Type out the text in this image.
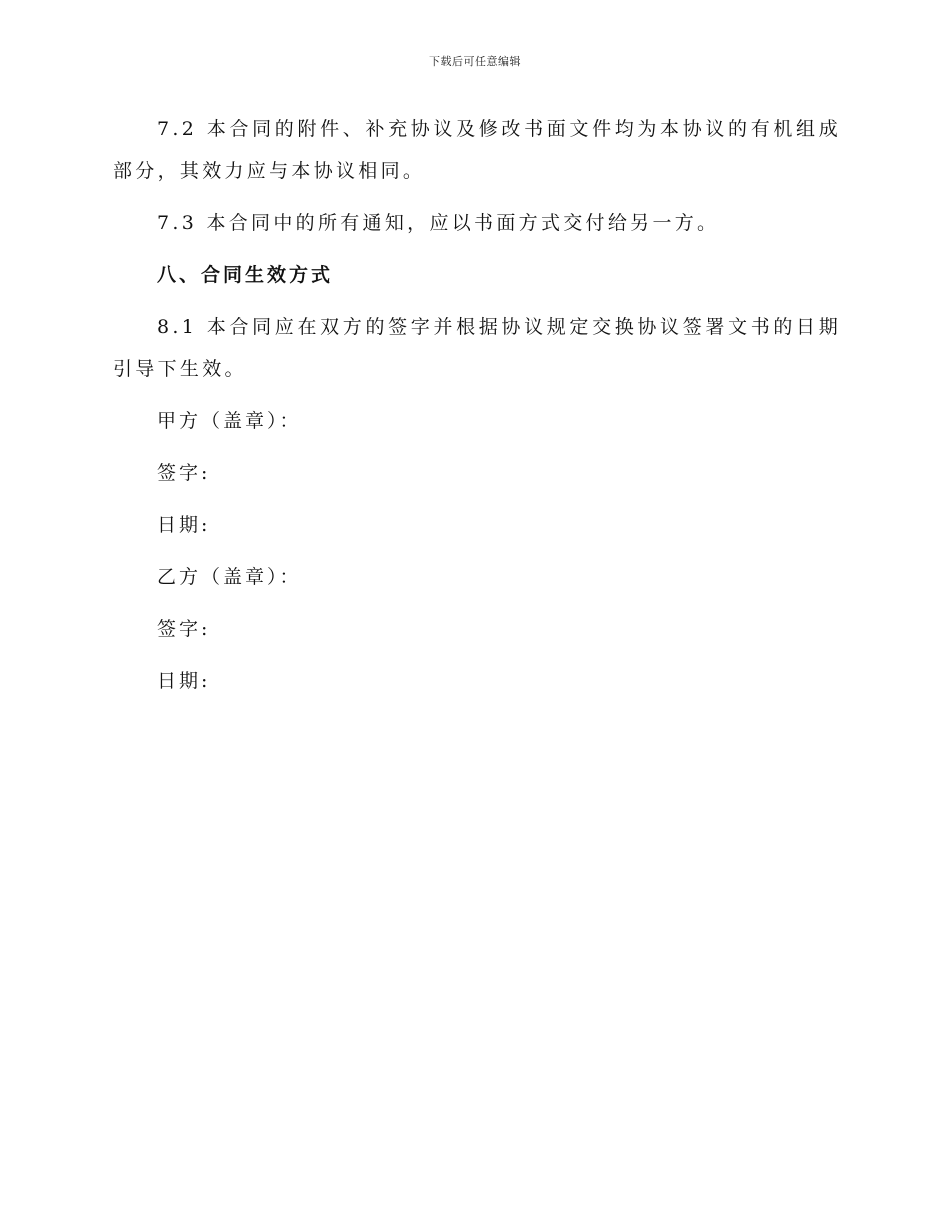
下载后可任意编辑

7.2 本合同的附件、补充协议及修改书面文件均为本协议的有机组成部分，其效力应与本协议相同。

7.3 本合同中的所有通知，应以书面方式交付给另一方。

八、合同生效方式

8.1 本合同应在双方的签字并根据协议规定交换协议签署文书的日期引导下生效。

甲方（盖章）：

签字:

日期:

乙方（盖章）：

签字:

日期:
